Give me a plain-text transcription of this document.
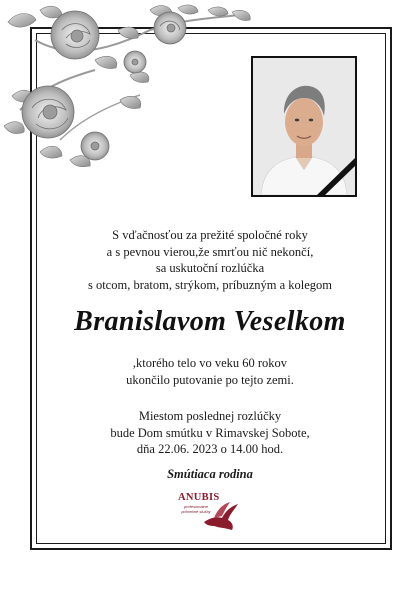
S vďačnosťou za prežité spoločné roky
a s pevnou vierou,že smrťou nič nekončí,
sa uskutoční rozlúčka
s otcom, bratom, strýkom, príbuzným a kolegom
Branislavom Veselkom
,ktorého telo vo veku 60 rokov
ukončilo putovanie po tejto zemi.
Miestom poslednej rozlúčky
bude Dom smútku v Rimavskej Sobote,
dňa 22.06. 2023 o 14.00 hod.
Smútiaca rodina
ANUBIS
profesionálne pohrebné služby
